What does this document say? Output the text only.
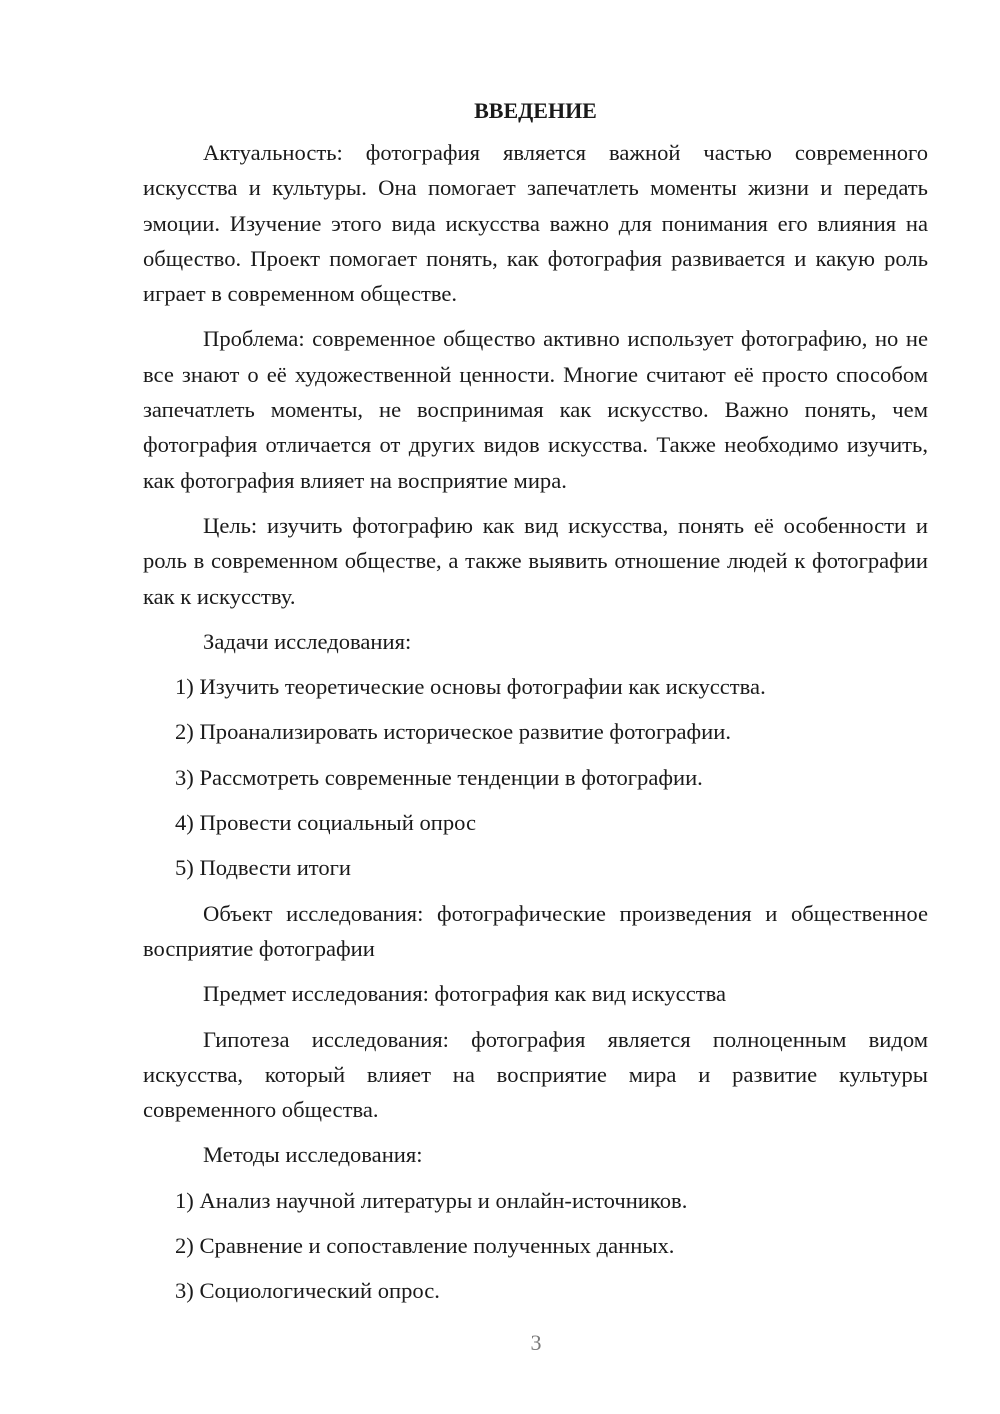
ВВЕДЕНИЕ

Актуальность: фотография является важной частью современного искусства и культуры. Она помогает запечатлеть моменты жизни и передать эмоции. Изучение этого вида искусства важно для понимания его влияния на общество. Проект помогает понять, как фотография развивается и какую роль играет в современном обществе.

Проблема: современное общество активно использует фотографию, но не все знают о её художественной ценности. Многие считают её просто способом запечатлеть моменты, не воспринимая как искусство. Важно понять, чем фотография отличается от других видов искусства. Также необходимо изучить, как фотография влияет на восприятие мира.

Цель: изучить фотографию как вид искусства, понять её особенности и роль в современном обществе, а также выявить отношение людей к фотографии как к искусству.

Задачи исследования:

1) Изучить теоретические основы фотографии как искусства.
2) Проанализировать историческое развитие фотографии.
3) Рассмотреть современные тенденции в фотографии.
4) Провести социальный опрос
5) Подвести итоги

Объект исследования: фотографические произведения и общественное восприятие фотографии

Предмет исследования: фотография как вид искусства

Гипотеза исследования: фотография является полноценным видом искусства, который влияет на восприятие мира и развитие культуры современного общества.

Методы исследования:

1) Анализ научной литературы и онлайн-источников.
2) Сравнение и сопоставление полученных данных.
3) Социологический опрос.
3
